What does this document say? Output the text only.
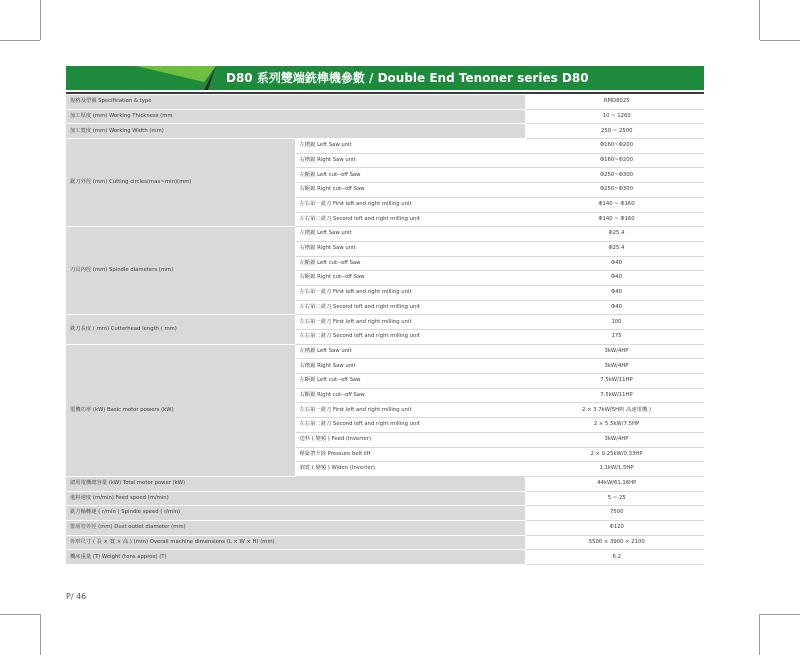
D80 系列雙端銑榫機參數 / Double End Tenoner series D80
規格及型號 Specification & type		RMD8025
加工厚度 (mm) Working Thickness (mm		10 ~ 1260
加工寬度 (mm) Working Width (mm)		250 ~ 2500
鋸刀外徑 (mm) Cutting circles(max~min)(mm)	左槽鋸 Left Saw unit	Φ160~Φ200
	右槽鋸 Right Saw unit	Φ160~Φ200
	左斷鋸 Left cut--off Saw	Φ250~Φ300
	右斷鋸 Right cut--off Saw	Φ250~Φ300
	左右第一銑刀 First left and right milling unit	Φ140 ~ Φ160
	左右第二銑刀 Second left and right milling unit	Φ140 ~ Φ160
刀具內徑 (mm) Spindle diameters (mm)	左槽鋸 Left Saw unit	Φ25.4
	右槽鋸 Right Saw unit	Φ25.4
	左斷鋸 Left cut--off Saw	Φ40
	右斷鋸 Right cut--off Saw	Φ40
	左右第一銑刀 First left and right milling unit	Φ40
	左右第二銑刀 Second left and right milling unit	Φ40
銑刀長度 ( mm) Cutterhead length ( mm)	左右第一銑刀 First left and right milling unit	100
	左右第二銑刀 Second left and right milling unit	175
電機功率 (kW) Basic motor powers (kW)	左槽鋸 Left Saw unit	3kW/4HP
	右槽鋸 Right Saw unit	3kW/4HP
	左斷鋸 Left cut--off Saw	7.5kW/11HP
	右斷鋸 Right cut--off Saw	7.5kW/11HP
	左右第一銑刀 First left and right milling unit	2 × 3.7kW/5HP( 高速電機 )
	左右第二銑刀 Second left and right milling unit	2 × 5.5kW/7.5HP
	送料 ( 變頻 ) Feed (Inverter)	3kW/4HP
	壓緊帶升降 Pressure belt lift	2 × 0.25kW/0.33HP
	調寬 ( 變頻 ) Widen (Inverter)	1.1kW/1.5HP
總用電機總容量 (kW) Total motor power (kW)		44kW/61.16HP
進料速度 (m/min) Feed speed (m/min)		5 ~ 25
銑刀軸轉速 ( r/min ) Spindle speed ( r/min)		7500
排屑管外徑 (mm) Dust outlet diameter (mm)		Φ120
外形尺寸 ( 長 × 寬 × 高 ) (mm) Overall machine dimensions (L × W × H) (mm)		5500 × 3900 × 2100
機床重量 (T) Weight (tons approx) (T)		6.2
P/ 46
